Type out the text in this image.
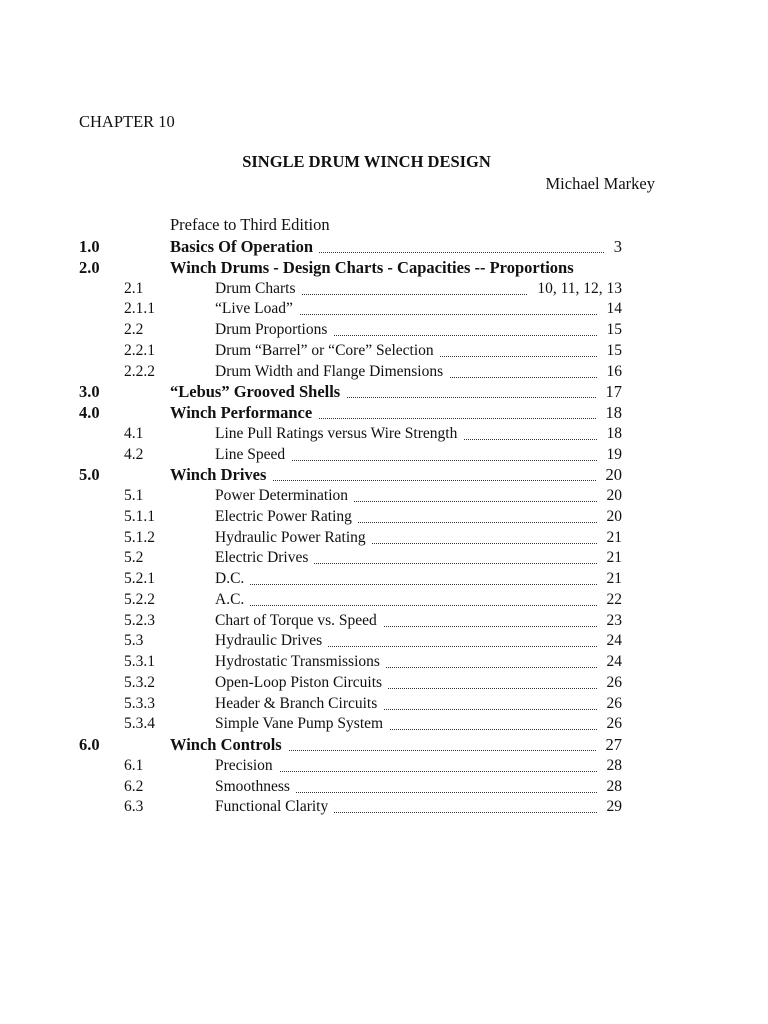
CHAPTER 10
SINGLE DRUM WINCH DESIGN
Michael Markey
Preface to Third Edition
1.0	Basics Of Operation	3
2.0	Winch Drums - Design Charts - Capacities -- Proportions
2.1	Drum Charts	10, 11, 12, 13
2.1.1	“Live Load”	14
2.2	Drum Proportions	15
2.2.1	Drum “Barrel” or “Core” Selection	15
2.2.2	Drum Width and Flange Dimensions	16
3.0	“Lebus” Grooved Shells	17
4.0	Winch Performance	18
4.1	Line Pull Ratings versus Wire Strength	18
4.2	Line Speed	19
5.0	Winch Drives	20
5.1	Power Determination	20
5.1.1	Electric Power Rating	20
5.1.2	Hydraulic Power Rating	21
5.2	Electric Drives	21
5.2.1	D.C.	21
5.2.2	A.C.	22
5.2.3	Chart of Torque vs. Speed	23
5.3	Hydraulic Drives	24
5.3.1	Hydrostatic Transmissions	24
5.3.2	Open-Loop Piston Circuits	26
5.3.3	Header & Branch Circuits	26
5.3.4	Simple Vane Pump System	26
6.0	Winch Controls	27
6.1	Precision	28
6.2	Smoothness	28
6.3	Functional Clarity	29
